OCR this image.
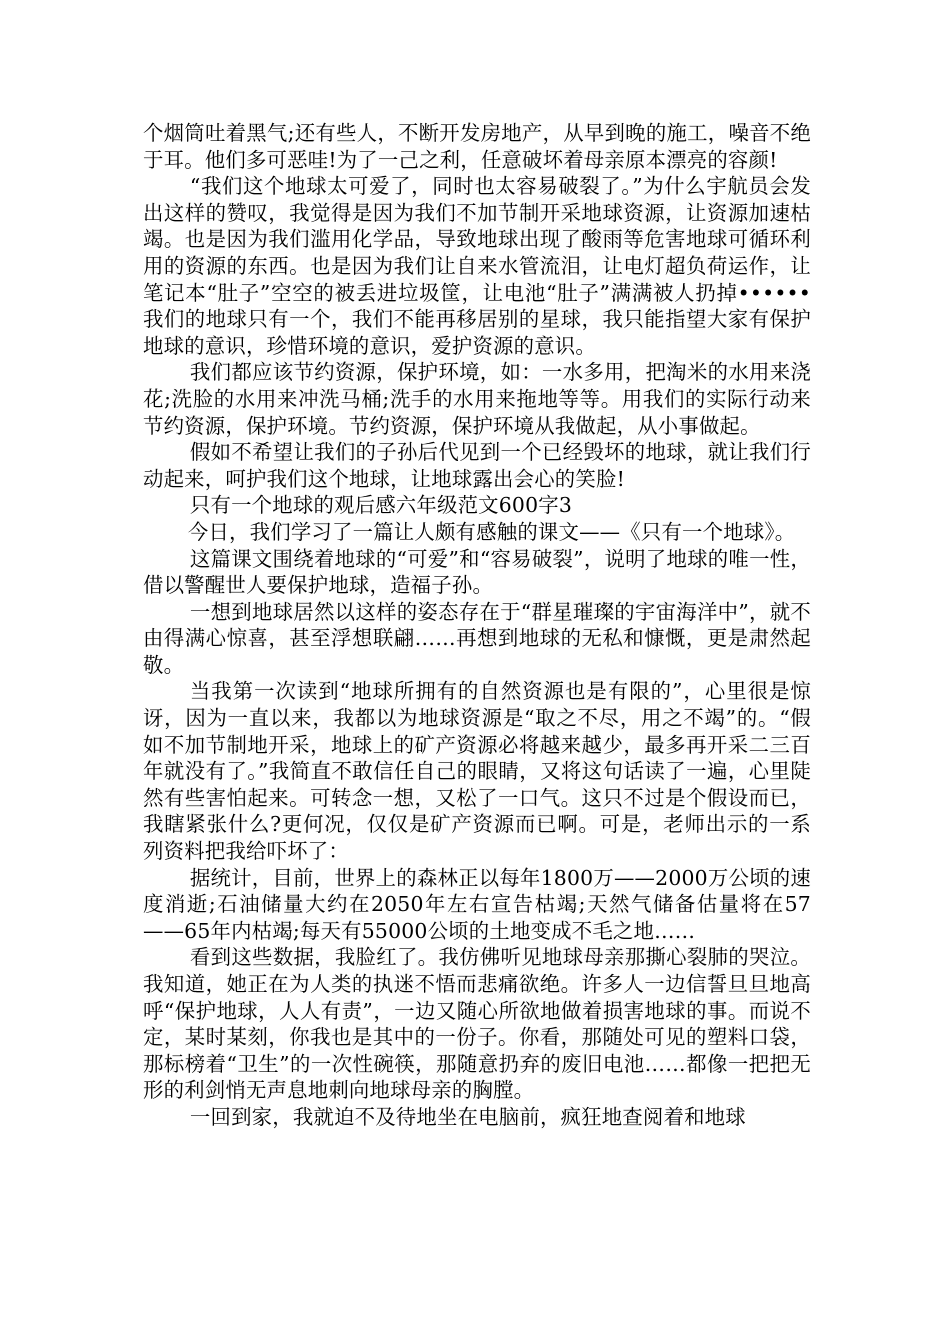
个烟筒吐着黑气;还有些人，不断开发房地产，从早到晚的施工，噪音不绝于耳。他们多可恶哇!为了一己之利，任意破坏着母亲原本漂亮的容颜!

“我们这个地球太可爱了，同时也太容易破裂了。”为什么宇航员会发出这样的赞叹，我觉得是因为我们不加节制开采地球资源，让资源加速枯竭。也是因为我们滥用化学品，导致地球出现了酸雨等危害地球可循环利用的资源的东西。也是因为我们让自来水管流泪，让电灯超负荷运作，让笔记本“肚子”空空的被丢进垃圾筐，让电池“肚子”满满被人扔掉••••••我们的地球只有一个，我们不能再移居别的星球，我只能指望大家有保护地球的意识，珍惜环境的意识，爱护资源的意识。

我们都应该节约资源，保护环境，如：一水多用，把淘米的水用来浇花;洗脸的水用来冲洗马桶;洗手的水用来拖地等等。用我们的实际行动来节约资源，保护环境。节约资源，保护环境从我做起，从小事做起。

假如不希望让我们的子孙后代见到一个已经毁坏的地球，就让我们行动起来，呵护我们这个地球，让地球露出会心的笑脸!

只有一个地球的观后感六年级范文600字3

今日，我们学习了一篇让人颇有感触的课文——《只有一个地球》。

这篇课文围绕着地球的“可爱”和“容易破裂”，说明了地球的唯一性，借以警醒世人要保护地球，造福子孙。

一想到地球居然以这样的姿态存在于“群星璀璨的宇宙海洋中”，就不由得满心惊喜，甚至浮想联翩……再想到地球的无私和慷慨，更是肃然起敬。

当我第一次读到“地球所拥有的自然资源也是有限的”，心里很是惊讶，因为一直以来，我都以为地球资源是“取之不尽，用之不竭”的。“假如不加节制地开采，地球上的矿产资源必将越来越少，最多再开采二三百年就没有了。”我简直不敢信任自己的眼睛，又将这句话读了一遍，心里陡然有些害怕起来。可转念一想，又松了一口气。这只不过是个假设而已，我瞎紧张什么?更何况，仅仅是矿产资源而已啊。可是，老师出示的一系列资料把我给吓坏了：

据统计，目前，世界上的森林正以每年1800万——2000万公顷的速度消逝;石油储量大约在2050年左右宣告枯竭;天然气储备估量将在57——65年内枯竭;每天有55000公顷的土地变成不毛之地……

看到这些数据，我脸红了。我仿佛听见地球母亲那撕心裂肺的哭泣。我知道，她正在为人类的执迷不悟而悲痛欲绝。许多人一边信誓旦旦地高呼“保护地球，人人有责”，一边又随心所欲地做着损害地球的事。而说不定，某时某刻，你我也是其中的一份子。你看，那随处可见的塑料口袋，那标榜着“卫生”的一次性碗筷，那随意扔弃的废旧电池……都像一把把无形的利剑悄无声息地刺向地球母亲的胸膛。

一回到家，我就迫不及待地坐在电脑前，疯狂地查阅着和地球
